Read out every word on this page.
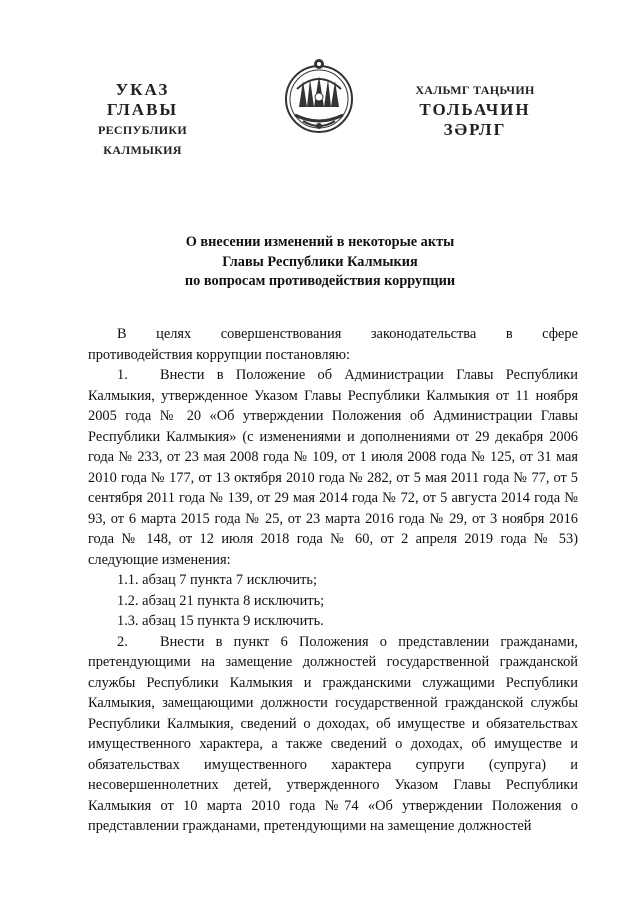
УКАЗ
ГЛАВЫ
РЕСПУБЛИКИ КАЛМЫКИЯ
ХАЛЬМГ ТАҢЬЧИН
ТОЛЬАЧИН
ЗӘРЛГ
О внесении изменений в некоторые акты
Главы Республики Калмыкия
по вопросам противодействия коррупции

В целях совершенствования законодательства в сфере

противодействия коррупции постановляю:

1. Внести в Положение об Администрации Главы Республики Калмыкия, утвержденное Указом Главы Республики Калмыкия от 11 ноября 2005 года № 20 «Об утверждении Положения об Администрации Главы Республики Калмыкия» (с изменениями и дополнениями от 29 декабря 2006 года № 233, от 23 мая 2008 года № 109, от 1 июля 2008 года № 125, от 31 мая 2010 года № 177, от 13 октября 2010 года № 282, от 5 мая 2011 года № 77, от 5 сентября 2011 года № 139, от 29 мая 2014 года № 72, от 5 августа 2014 года № 93, от 6 марта 2015 года № 25, от 23 марта 2016 года № 29, от 3 ноября 2016 года № 148, от 12 июля 2018 года № 60, от 2 апреля 2019 года № 53) следующие изменения:

1.1. абзац 7 пункта 7 исключить;

1.2. абзац 21 пункта 8 исключить;

1.3. абзац 15 пункта 9 исключить.

2. Внести в пункт 6 Положения о представлении гражданами, претендующими на замещение должностей государственной гражданской службы Республики Калмыкия и гражданскими служащими Республики Калмыкия, замещающими должности государственной гражданской службы Республики Калмыкия, сведений о доходах, об имуществе и обязательствах имущественного характера, а также сведений о доходах, об имуществе и обязательствах имущественного характера супруги (супруга) и несовершеннолетних детей, утвержденного Указом Главы Республики Калмыкия от 10 марта 2010 года №74 «Об утверждении Положения о представлении гражданами, претендующими на замещение должностей
